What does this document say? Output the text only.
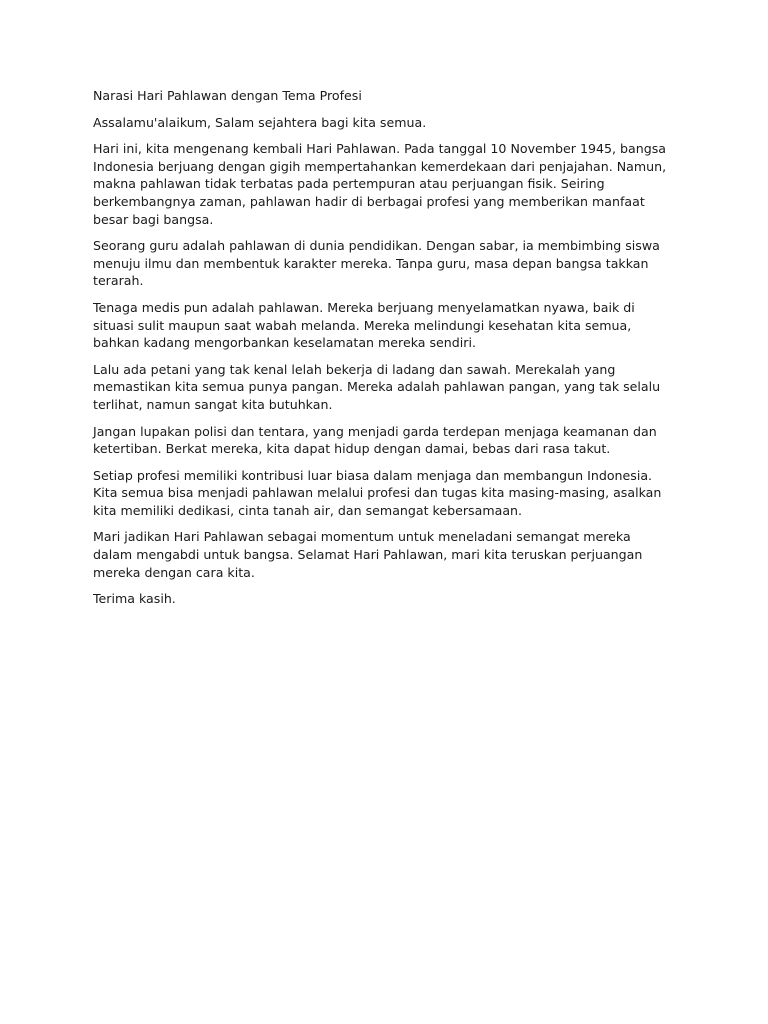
Narasi Hari Pahlawan dengan Tema Profesi

Assalamu'alaikum, Salam sejahtera bagi kita semua.

Hari ini, kita mengenang kembali Hari Pahlawan. Pada tanggal 10 November 1945, bangsa Indonesia berjuang dengan gigih mempertahankan kemerdekaan dari penjajahan. Namun, makna pahlawan tidak terbatas pada pertempuran atau perjuangan fisik. Seiring berkembangnya zaman, pahlawan hadir di berbagai profesi yang memberikan manfaat besar bagi bangsa.

Seorang guru adalah pahlawan di dunia pendidikan. Dengan sabar, ia membimbing siswa menuju ilmu dan membentuk karakter mereka. Tanpa guru, masa depan bangsa takkan terarah.

Tenaga medis pun adalah pahlawan. Mereka berjuang menyelamatkan nyawa, baik di situasi sulit maupun saat wabah melanda. Mereka melindungi kesehatan kita semua, bahkan kadang mengorbankan keselamatan mereka sendiri.

Lalu ada petani yang tak kenal lelah bekerja di ladang dan sawah. Merekalah yang memastikan kita semua punya pangan. Mereka adalah pahlawan pangan, yang tak selalu terlihat, namun sangat kita butuhkan.

Jangan lupakan polisi dan tentara, yang menjadi garda terdepan menjaga keamanan dan ketertiban. Berkat mereka, kita dapat hidup dengan damai, bebas dari rasa takut.

Setiap profesi memiliki kontribusi luar biasa dalam menjaga dan membangun Indonesia. Kita semua bisa menjadi pahlawan melalui profesi dan tugas kita masing-masing, asalkan kita memiliki dedikasi, cinta tanah air, dan semangat kebersamaan.

Mari jadikan Hari Pahlawan sebagai momentum untuk meneladani semangat mereka dalam mengabdi untuk bangsa. Selamat Hari Pahlawan, mari kita teruskan perjuangan mereka dengan cara kita.

Terima kasih.
